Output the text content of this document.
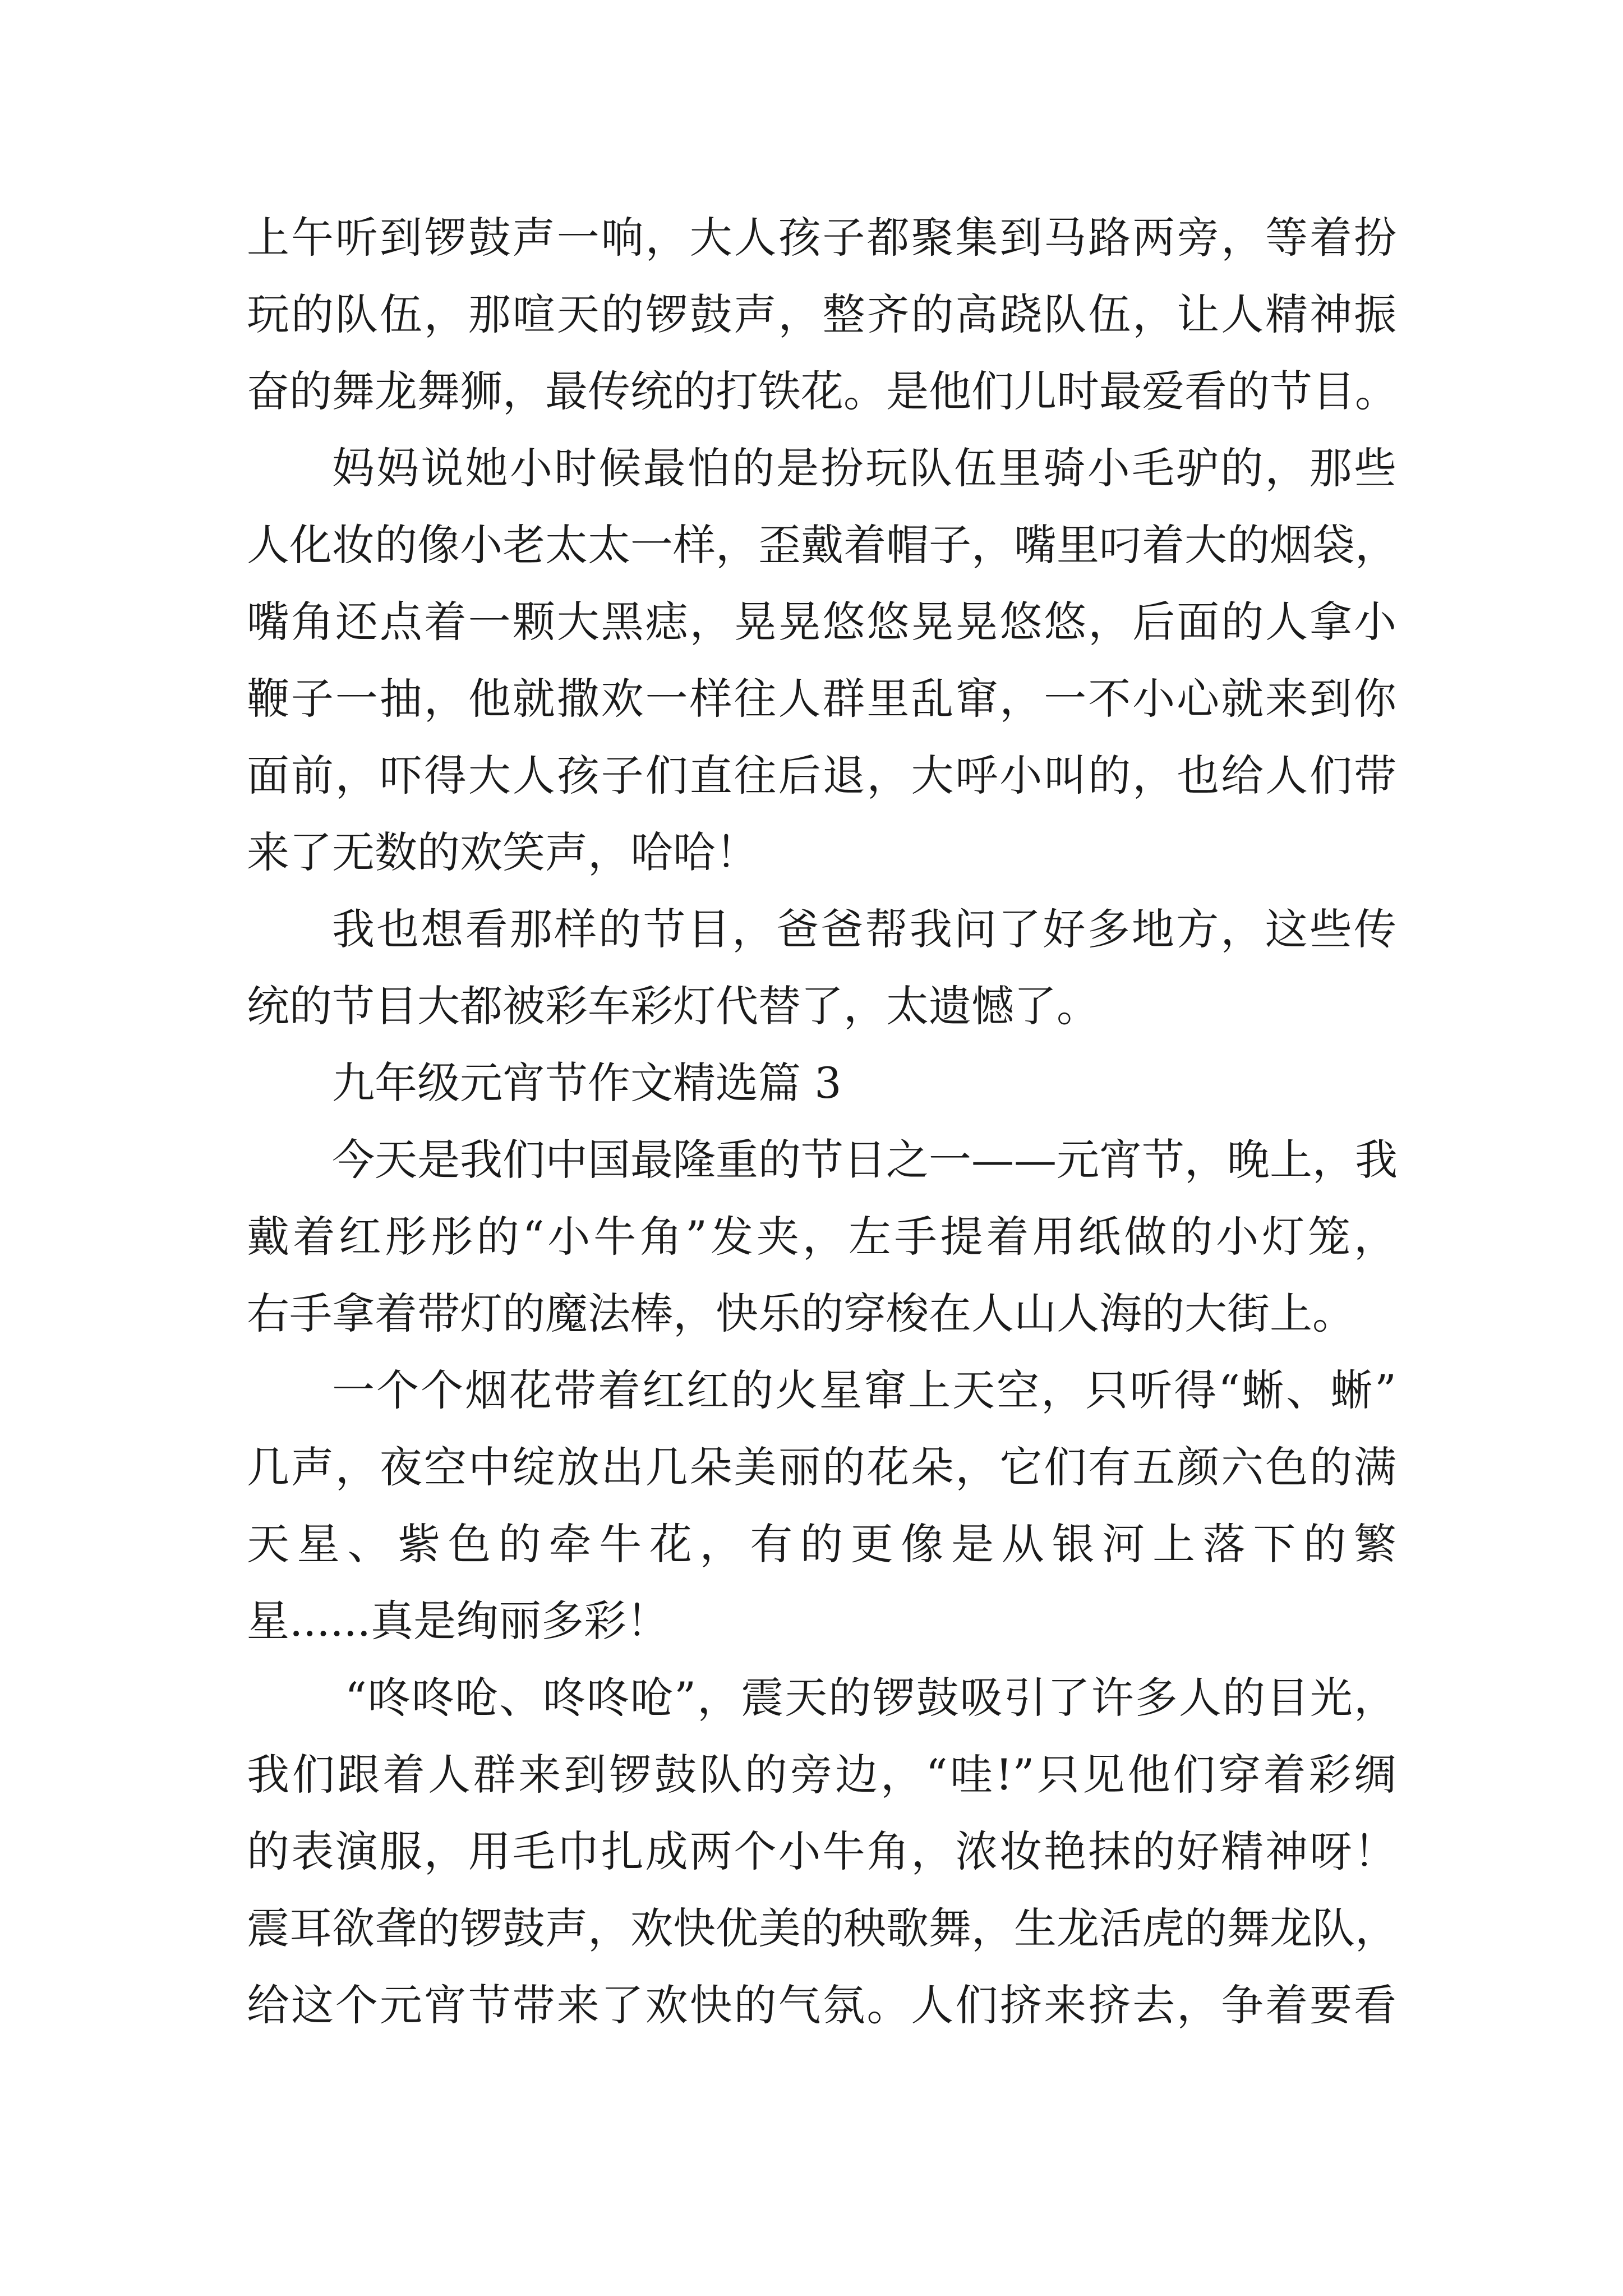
上午听到锣鼓声一响，大人孩子都聚集到马路两旁，等着扮
玩的队伍，那喧天的锣鼓声，整齐的高跷队伍，让人精神振
奋的舞龙舞狮，最传统的打铁花。是他们儿时最爱看的节目。
妈妈说她小时候最怕的是扮玩队伍里骑小毛驴的，那些
人化妆的像小老太太一样，歪戴着帽子，嘴里叼着大的烟袋，
嘴角还点着一颗大黑痣，晃晃悠悠晃晃悠悠，后面的人拿小
鞭子一抽，他就撒欢一样往人群里乱窜，一不小心就来到你
面前，吓得大人孩子们直往后退，大呼小叫的，也给人们带
来了无数的欢笑声，哈哈！
我也想看那样的节目，爸爸帮我问了好多地方，这些传
统的节目大都被彩车彩灯代替了，太遗憾了。
九年级元宵节作文精选篇 3
今天是我们中国最隆重的节日之一——元宵节，晚上，我
戴着红彤彤的“小牛角”发夹，左手提着用纸做的小灯笼，
右手拿着带灯的魔法棒，快乐的穿梭在人山人海的大街上。
一个个烟花带着红红的火星窜上天空，只听得“蜥、蜥”
几声，夜空中绽放出几朵美丽的花朵，它们有五颜六色的满
天星、紫色的牵牛花，有的更像是从银河上落下的繁
星......真是绚丽多彩！
“咚咚呛、咚咚呛”，震天的锣鼓吸引了许多人的目光，
我们跟着人群来到锣鼓队的旁边，“哇!”只见他们穿着彩绸
的表演服，用毛巾扎成两个小牛角，浓妆艳抹的好精神呀！
震耳欲聋的锣鼓声，欢快优美的秧歌舞，生龙活虎的舞龙队，
给这个元宵节带来了欢快的气氛。人们挤来挤去，争着要看
